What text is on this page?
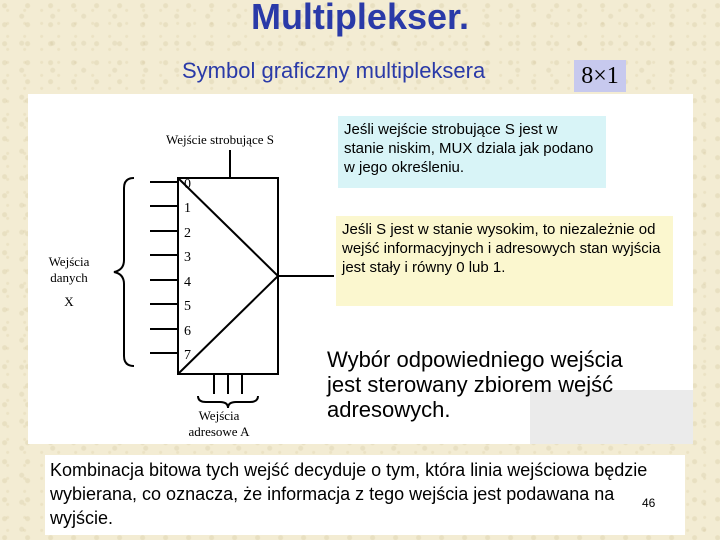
Multiplekser.
Symbol graficzny multipleksera	8×1
Wejście strobujące S
0
1
2
3
4
5
6
7
Wejścia
danych
X
Wejścia
adresowe A
Jeśli wejście strobujące S jest w stanie niskim, MUX dziala jak podano w jego określeniu.
Jeśli S jest w stanie wysokim, to niezależnie od wejść informacyjnych i adresowych stan wyjścia jest stały i równy 0 lub 1.
Wybór odpowiedniego wejścia jest sterowany zbiorem wejść adresowych.
Kombinacja bitowa tych wejść decyduje o tym, która linia wejściowa będzie wybierana, co oznacza, że informacja z tego wejścia jest podawana na wyjście.
46
